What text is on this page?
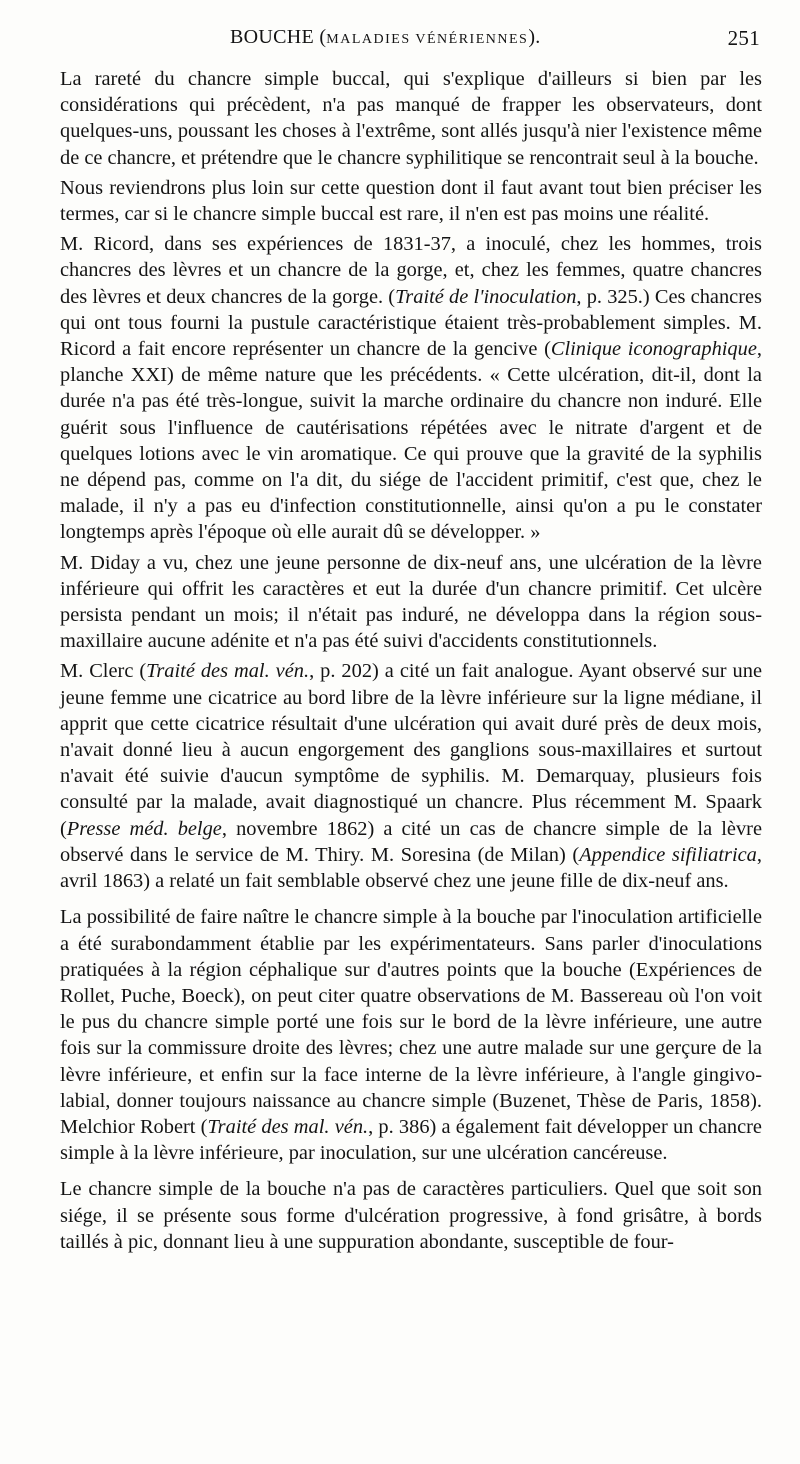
BOUCHE (MALADIES VÉNÉRIENNES).	251

La rareté du chancre simple buccal, qui s'explique d'ailleurs si bien par les considérations qui précèdent, n'a pas manqué de frapper les observateurs, dont quelques-uns, poussant les choses à l'extrême, sont allés jusqu'à nier l'existence même de ce chancre, et prétendre que le chancre syphilitique se rencontrait seul à la bouche.

Nous reviendrons plus loin sur cette question dont il faut avant tout bien préciser les termes, car si le chancre simple buccal est rare, il n'en est pas moins une réalité.

M. Ricord, dans ses expériences de 1831-37, a inoculé, chez les hommes, trois chancres des lèvres et un chancre de la gorge, et, chez les femmes, quatre chancres des lèvres et deux chancres de la gorge. (Traité de l'inoculation, p. 325.) Ces chancres qui ont tous fourni la pustule caractéristique étaient très-probablement simples. M. Ricord a fait encore représenter un chancre de la gencive (Clinique iconographique, planche XXI) de même nature que les précédents. « Cette ulcération, dit-il, dont la durée n'a pas été très-longue, suivit la marche ordinaire du chancre non induré. Elle guérit sous l'influence de cautérisations répétées avec le nitrate d'argent et de quelques lotions avec le vin aromatique. Ce qui prouve que la gravité de la syphilis ne dépend pas, comme on l'a dit, du siége de l'accident primitif, c'est que, chez le malade, il n'y a pas eu d'infection constitutionnelle, ainsi qu'on a pu le constater longtemps après l'époque où elle aurait dû se développer. »

M. Diday a vu, chez une jeune personne de dix-neuf ans, une ulcération de la lèvre inférieure qui offrit les caractères et eut la durée d'un chancre primitif. Cet ulcère persista pendant un mois; il n'était pas induré, ne développa dans la région sous-maxillaire aucune adénite et n'a pas été suivi d'accidents constitutionnels.

M. Clerc (Traité des mal. vén., p. 202) a cité un fait analogue. Ayant observé sur une jeune femme une cicatrice au bord libre de la lèvre inférieure sur la ligne médiane, il apprit que cette cicatrice résultait d'une ulcération qui avait duré près de deux mois, n'avait donné lieu à aucun engorgement des ganglions sous-maxillaires et surtout n'avait été suivie d'aucun symptôme de syphilis. M. Demarquay, plusieurs fois consulté par la malade, avait diagnostiqué un chancre. Plus récemment M. Spaark (Presse méd. belge, novembre 1862) a cité un cas de chancre simple de la lèvre observé dans le service de M. Thiry. M. Soresina (de Milan) (Appendice sifiliatrica, avril 1863) a relaté un fait semblable observé chez une jeune fille de dix-neuf ans.

La possibilité de faire naître le chancre simple à la bouche par l'inoculation artificielle a été surabondamment établie par les expérimentateurs. Sans parler d'inoculations pratiquées à la région céphalique sur d'autres points que la bouche (Expériences de Rollet, Puche, Boeck), on peut citer quatre observations de M. Bassereau où l'on voit le pus du chancre simple porté une fois sur le bord de la lèvre inférieure, une autre fois sur la commissure droite des lèvres; chez une autre malade sur une gerçure de la lèvre inférieure, et enfin sur la face interne de la lèvre inférieure, à l'angle gingivo-labial, donner toujours naissance au chancre simple (Buzenet, Thèse de Paris, 1858). Melchior Robert (Traité des mal. vén., p. 386) a également fait développer un chancre simple à la lèvre inférieure, par inoculation, sur une ulcération cancéreuse.

Le chancre simple de la bouche n'a pas de caractères particuliers. Quel que soit son siége, il se présente sous forme d'ulcération progressive, à fond grisâtre, à bords taillés à pic, donnant lieu à une suppuration abondante, susceptible de four-
